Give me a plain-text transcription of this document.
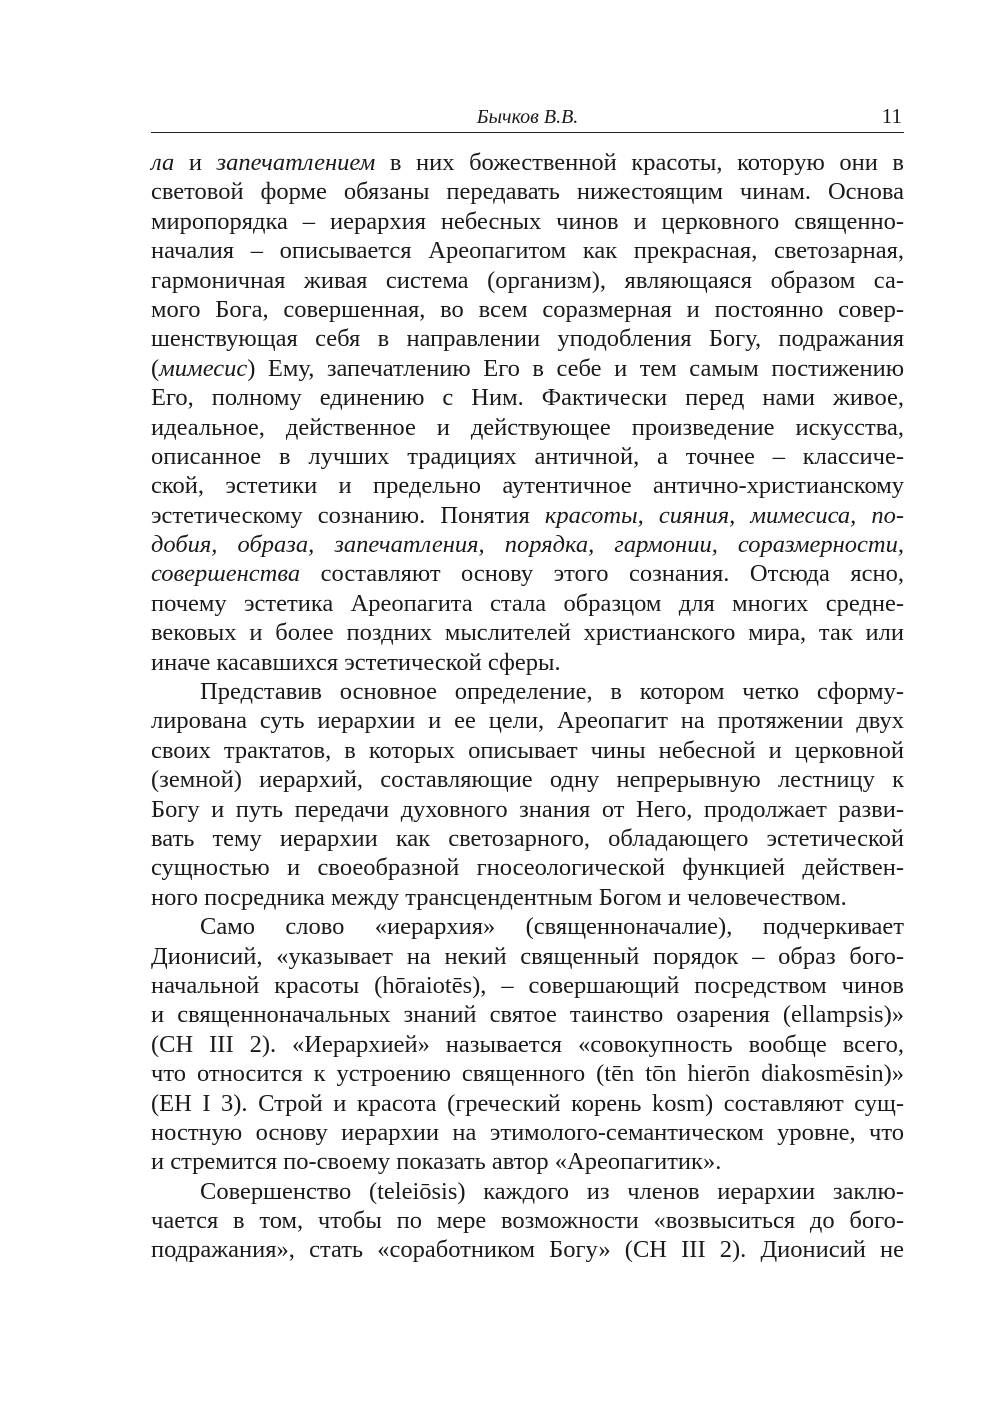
Бычков В.В.	11
ла и запечатлением в них божественной красоты, которую они в
световой форме обязаны передавать нижестоящим чинам. Основа
миропорядка – иерархия небесных чинов и церковного священно-
началия – описывается Ареопагитом как прекрасная, светозарная,
гармоничная живая система (организм), являющаяся образом са-
мого Бога, совершенная, во всем соразмерная и постоянно совер-
шенствующая себя в направлении уподобления Богу, подражания
(мимесис) Ему, запечатлению Его в себе и тем самым постижению
Его, полному единению с Ним. Фактически перед нами живое,
идеальное, действенное и действующее произведение искусства,
описанное в лучших традициях античной, а точнее – классиче-
ской, эстетики и предельно аутентичное антично-христианскому
эстетическому сознанию. Понятия красоты, сияния, мимесиса, по-
добия, образа, запечатления, порядка, гармонии, соразмерности,
совершенства составляют основу этого сознания. Отсюда ясно,
почему эстетика Ареопагита стала образцом для многих средне-
вековых и более поздних мыслителей христианского мира, так или
иначе касавшихся эстетической сферы.
Представив основное определение, в котором четко сформу-
лирована суть иерархии и ее цели, Ареопагит на протяжении двух
своих трактатов, в которых описывает чины небесной и церковной
(земной) иерархий, составляющие одну непрерывную лестницу к
Богу и путь передачи духовного знания от Него, продолжает разви-
вать тему иерархии как светозарного, обладающего эстетической
сущностью и своеобразной гносеологической функцией действен-
ного посредника между трансцендентным Богом и человечеством.
Само слово «иерархия» (священноначалие), подчеркивает
Дионисий, «указывает на некий священный порядок – образ бого-
начальной красоты (hōraiotēs), – совершающий посредством чинов
и священноначальных знаний святое таинство озарения (ellampsis)»
(CH III 2). «Иерархией» называется «совокупность вообще всего,
что относится к устроению священного (tēn tōn hierōn diakosmēsin)»
(EH I 3). Строй и красота (греческий корень kosm) составляют сущ-
ностную основу иерархии на этимолого-семантическом уровне, что
и стремится по-своему показать автор «Ареопагитик».
Совершенство (teleiōsis) каждого из членов иерархии заклю-
чается в том, чтобы по мере возможности «возвыситься до бого-
подражания», стать «соработником Богу» (CH III 2). Дионисий не
